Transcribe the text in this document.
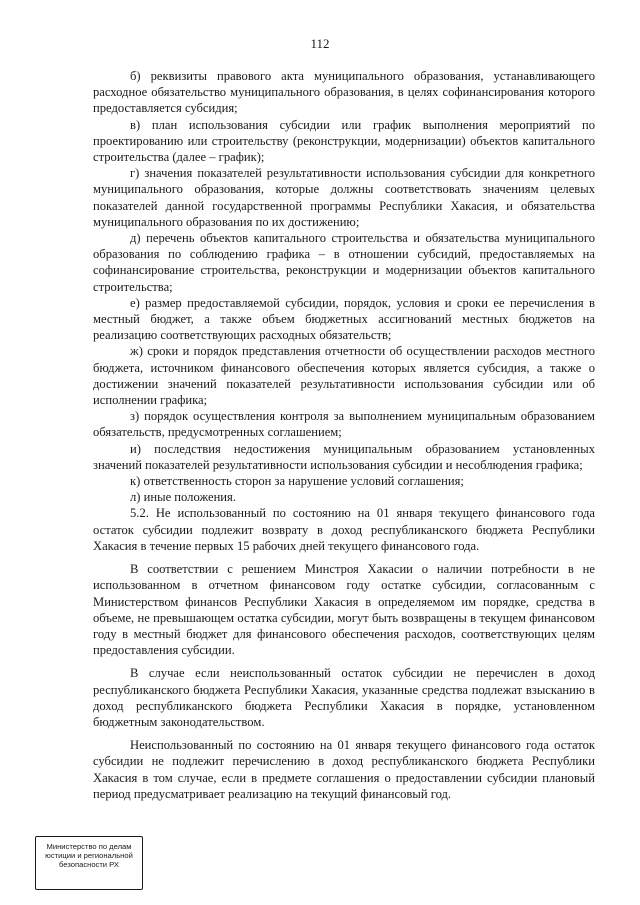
112

б) реквизиты правового акта муниципального образования, устанавливающего расходное обязательство муниципального образования, в целях софинансирования которого предоставляется субсидия;

в) план использования субсидии или график выполнения мероприятий по проектированию или строительству (реконструкции, модернизации) объектов капитального строительства (далее – график);

г) значения показателей результативности использования субсидии для конкретного муниципального образования, которые должны соответствовать значениям целевых показателей данной государственной программы Республики Хакасия, и обязательства муниципального образования по их достижению;

д) перечень объектов капитального строительства и обязательства муниципального образования по соблюдению графика – в отношении субсидий, предоставляемых на софинансирование строительства, реконструкции и модернизации объектов капитального строительства;

е) размер предоставляемой субсидии, порядок, условия и сроки ее перечисления в местный бюджет, а также объем бюджетных ассигнований местных бюджетов на реализацию соответствующих расходных обязательств;

ж) сроки и порядок представления отчетности об осуществлении расходов местного бюджета, источником финансового обеспечения которых является субсидия, а также о достижении значений показателей результативности использования субсидии или об исполнении графика;

з) порядок осуществления контроля за выполнением муниципальным образованием обязательств, предусмотренных соглашением;

и) последствия недостижения муниципальным образованием установленных значений показателей результативности использования субсидии и несоблюдения графика;

к) ответственность сторон за нарушение условий соглашения;

л) иные положения.

5.2. Не использованный по состоянию на 01 января текущего финансового года остаток субсидии подлежит возврату в доход республиканского бюджета Республики Хакасия в течение первых 15 рабочих дней текущего финансового года.

В соответствии с решением Минстроя Хакасии о наличии потребности в не использованном в отчетном финансовом году остатке субсидии, согласованным с Министерством финансов Республики Хакасия в определяемом им порядке, средства в объеме, не превышающем остатка субсидии, могут быть возвращены в текущем финансовом году в местный бюджет для финансового обеспечения расходов, соответствующих целям предоставления субсидии.

В случае если неиспользованный остаток субсидии не перечислен в доход республиканского бюджета Республики Хакасия, указанные средства подлежат взысканию в доход республиканского бюджета Республики Хакасия в порядке, установленном бюджетным законодательством.

Неиспользованный по состоянию на 01 января текущего финансового года остаток субсидии не подлежит перечислению в доход республиканского бюджета Республики Хакасия в том случае, если в предмете соглашения о предоставлении субсидии плановый период предусматривает реализацию на текущий финансовый год.

Министерство по делам
юстиции и региональной
безопасности РХ
